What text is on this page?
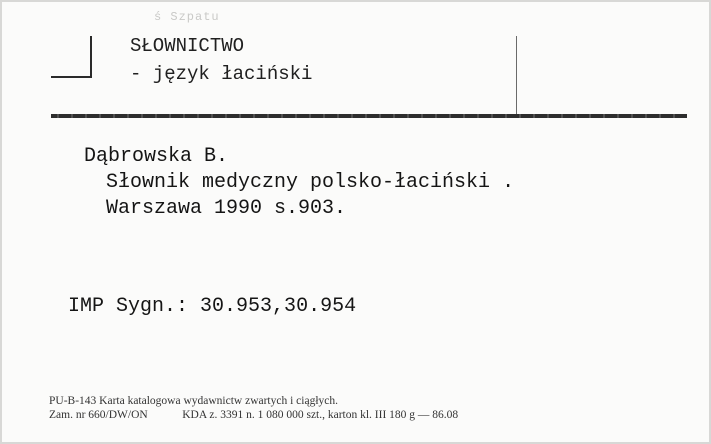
ś Szpatu
SŁOWNICTWO
- język łaciński
Dąbrowska B.
Słownik medyczny polsko-łaciński .
Warszawa 1990 s.903.
IMP Sygn.: 30.953,30.954
PU-B-143 Karta katalogowa wydawnictw zwartych i ciągłych.
Zam. nr 660/DW/ON	KDA z. 3391 n. 1 080 000 szt., karton kl. III 180 g — 86.08
